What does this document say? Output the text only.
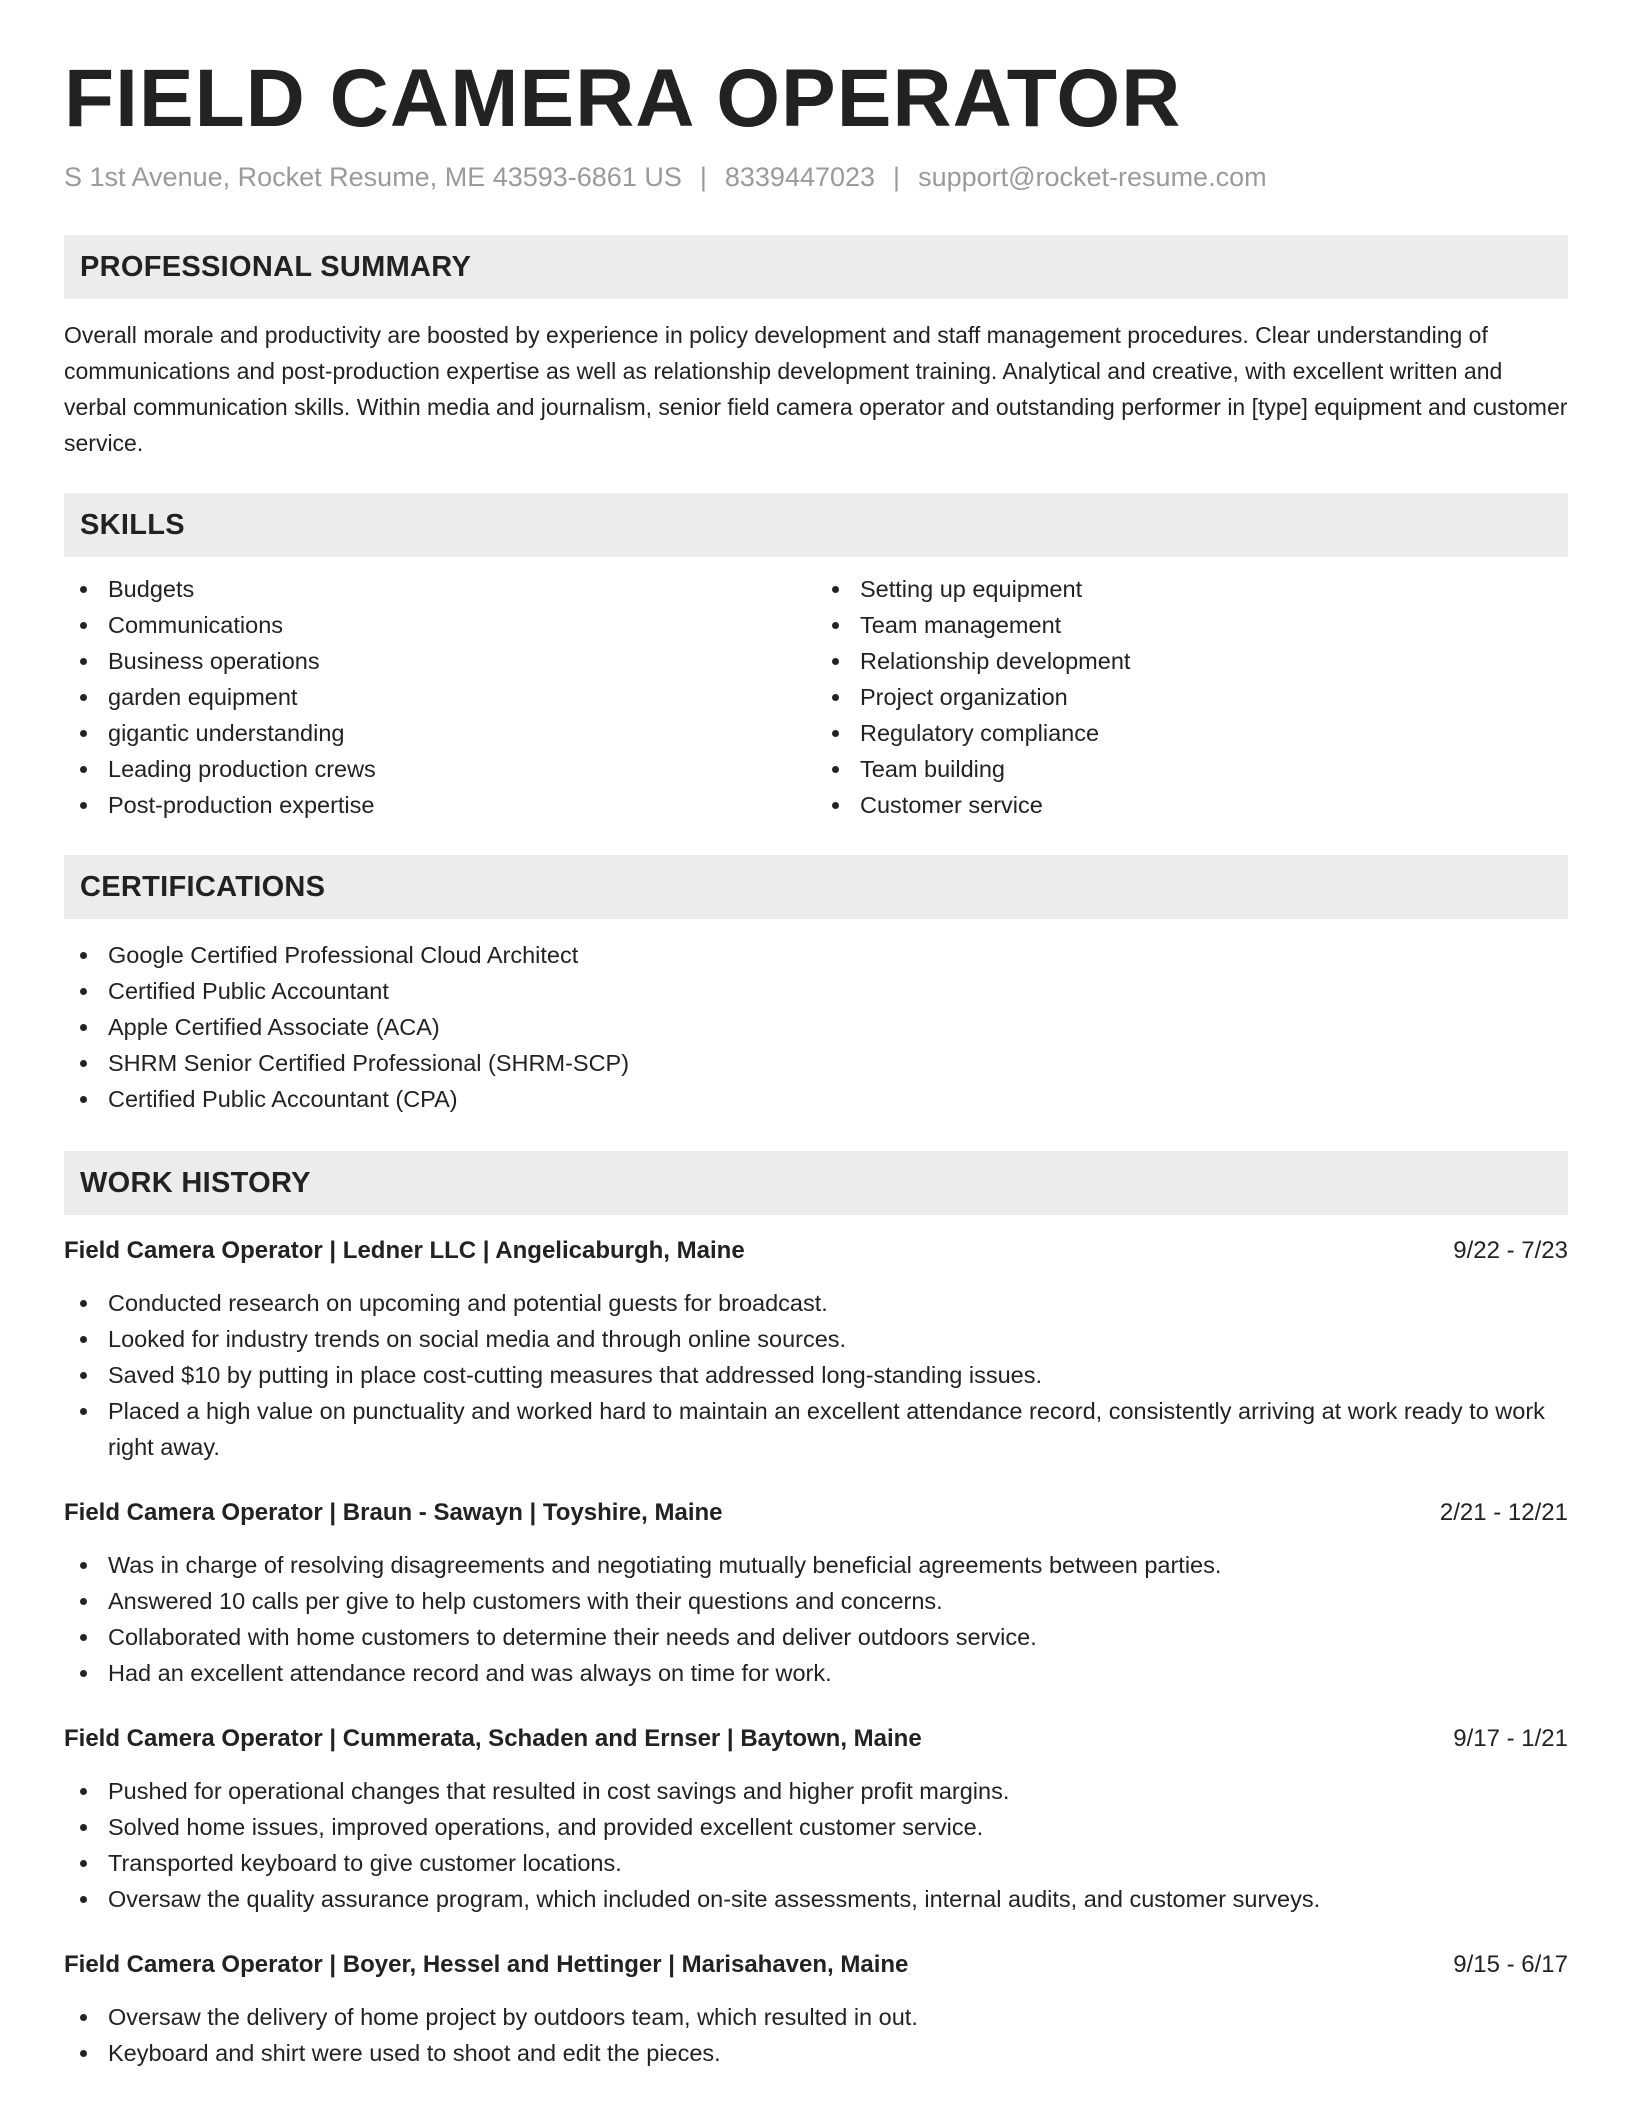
FIELD CAMERA OPERATOR
S 1st Avenue, Rocket Resume, ME 43593-6861 US | 8339447023 | support@rocket-resume.com
PROFESSIONAL SUMMARY

Overall morale and productivity are boosted by experience in policy development and staff management procedures. Clear understanding of communications and post-production expertise as well as relationship development training. Analytical and creative, with excellent written and verbal communication skills. Within media and journalism, senior field camera operator and outstanding performer in [type] equipment and customer service.

SKILLS
Budgets
Communications
Business operations
garden equipment
gigantic understanding
Leading production crews
Post-production expertise
Setting up equipment
Team management
Relationship development
Project organization
Regulatory compliance
Team building
Customer service
CERTIFICATIONS
Google Certified Professional Cloud Architect
Certified Public Accountant
Apple Certified Associate (ACA)
SHRM Senior Certified Professional (SHRM-SCP)
Certified Public Accountant (CPA)
WORK HISTORY
Field Camera Operator | Ledner LLC | Angelicaburgh, Maine	9/22 - 7/23
Conducted research on upcoming and potential guests for broadcast.
Looked for industry trends on social media and through online sources.
Saved $10 by putting in place cost-cutting measures that addressed long-standing issues.
Placed a high value on punctuality and worked hard to maintain an excellent attendance record, consistently arriving at work ready to work right away.
Field Camera Operator | Braun - Sawayn | Toyshire, Maine	2/21 - 12/21
Was in charge of resolving disagreements and negotiating mutually beneficial agreements between parties.
Answered 10 calls per give to help customers with their questions and concerns.
Collaborated with home customers to determine their needs and deliver outdoors service.
Had an excellent attendance record and was always on time for work.
Field Camera Operator | Cummerata, Schaden and Ernser | Baytown, Maine	9/17 - 1/21
Pushed for operational changes that resulted in cost savings and higher profit margins.
Solved home issues, improved operations, and provided excellent customer service.
Transported keyboard to give customer locations.
Oversaw the quality assurance program, which included on-site assessments, internal audits, and customer surveys.
Field Camera Operator | Boyer, Hessel and Hettinger | Marisahaven, Maine	9/15 - 6/17
Oversaw the delivery of home project by outdoors team, which resulted in out.
Keyboard and shirt were used to shoot and edit the pieces.
